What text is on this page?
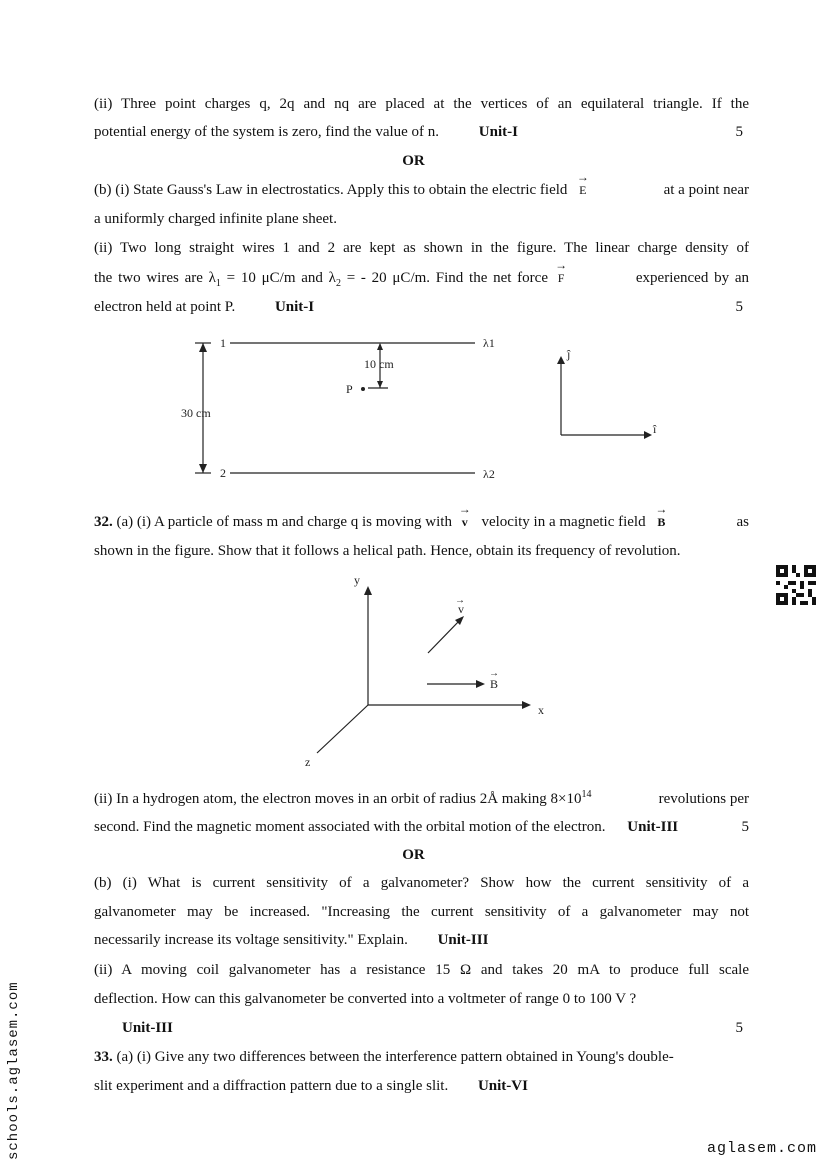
(ii) Three point charges q, 2q and nq are placed at the vertices of an equilateral triangle. If the
potential energy of the system is zero, find the value of n.	Unit-I	5
OR
(b) (i) State Gauss's Law in electrostatics. Apply this to obtain the electric field → E	at a point near
a uniformly charged infinite plane sheet.
(ii) Two long straight wires 1 and 2 are kept as shown in the figure. The linear charge density of
the two wires are $\lambda_1 = 10$ μC/m and $\lambda_2$ = - 20 μC/m. Find the net force → F	experienced by an
electron held at point P.	Unit-I	5
1
2
λ1
λ2
10 cm
P
30 cm
ĵ
î
32. (a) (i) A particle of mass m and charge q is moving with → v velocity in a magnetic field → B	as
shown in the figure. Show that it follows a helical path. Hence, obtain its frequency of revolution.
y
x
z
v
B
→
→
(ii) In a hydrogen atom, the electron moves in an orbit of radius 2Å making $8\times 10^{14}$	revolutions per
second. Find the magnetic moment associated with the orbital motion of the electron. Unit-III	5
OR
(b) (i) What is current sensitivity of a galvanometer? Show how the current sensitivity of a
galvanometer may be increased. "Increasing the current sensitivity of a galvanometer may not
necessarily increase its voltage sensitivity." Explain. Unit-III
(ii) A moving coil galvanometer has a resistance 15 Ω and takes 20 mA to produce full scale
deflection. How can this galvanometer be converted into a voltmeter of range 0 to 100 V ?
Unit-III	5
33. (a) (i) Give any two differences between the interference pattern obtained in Young's double-
slit experiment and a diffraction pattern due to a single slit. Unit-VI
schools.aglasem.com	aglasem.com
